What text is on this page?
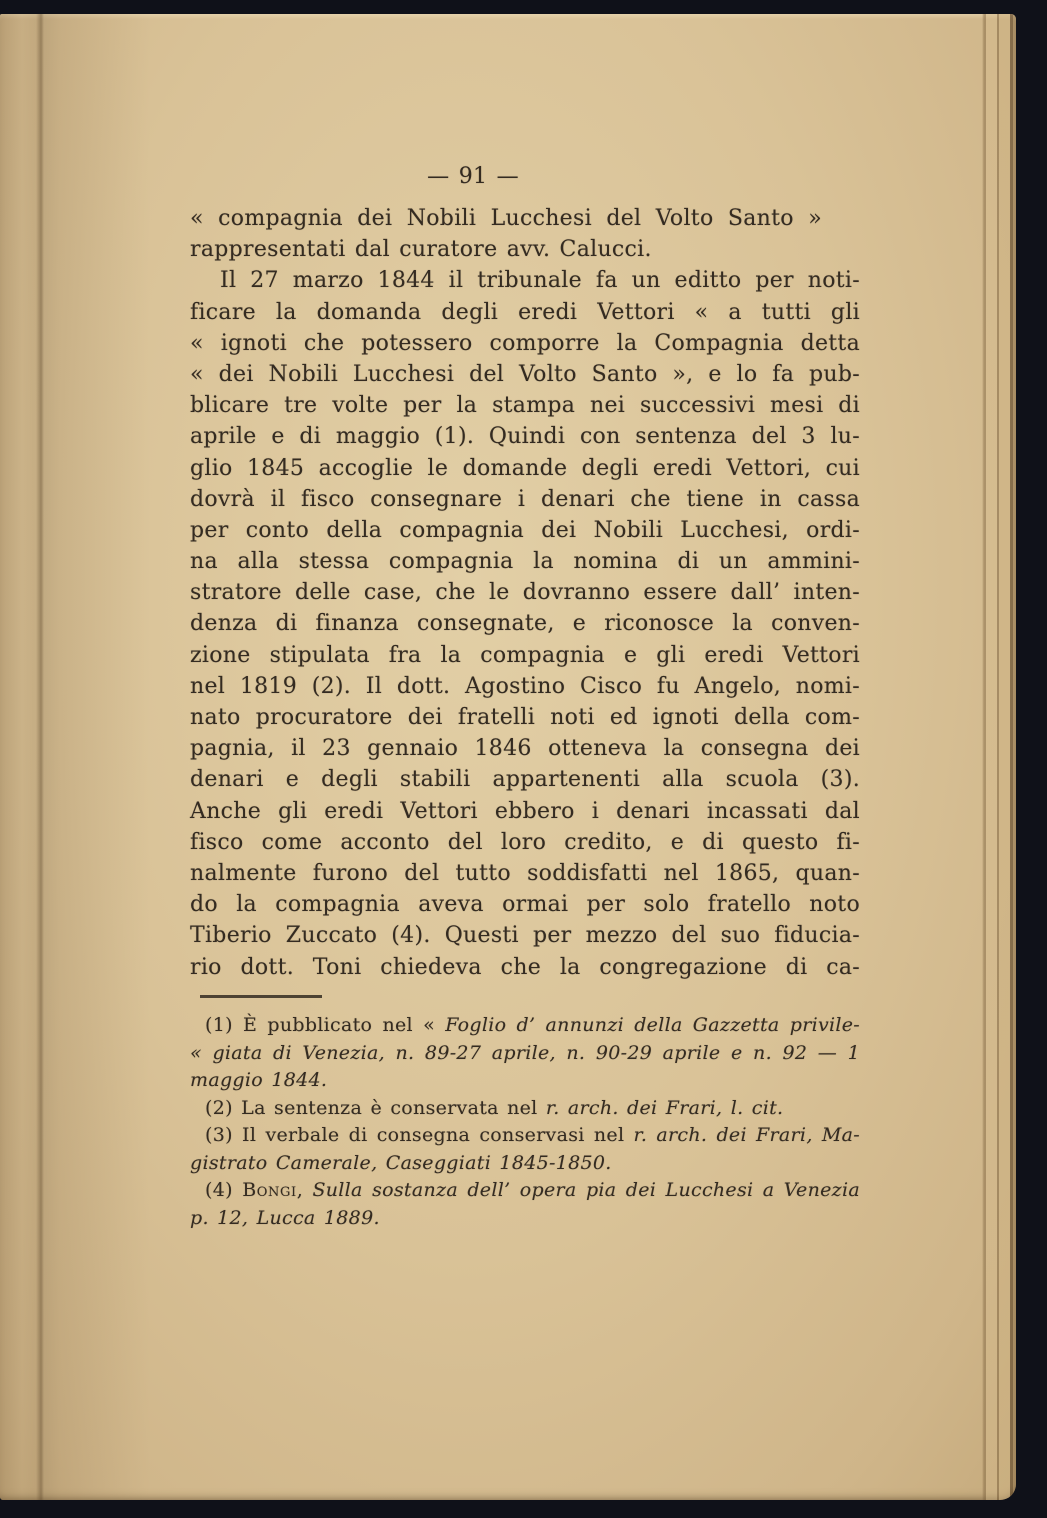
— 91 —
« compagnia dei Nobili Lucchesi del Volto Santo »
rappresentati dal curatore avv. Calucci.
Il 27 marzo 1844 il tribunale fa un editto per noti-
ficare la domanda degli eredi Vettori « a tutti gli
« ignoti che potessero comporre la Compagnia detta
« dei Nobili Lucchesi del Volto Santo », e lo fa pub-
blicare tre volte per la stampa nei successivi mesi di
aprile e di maggio (1). Quindi con sentenza del 3 lu-
glio 1845 accoglie le domande degli eredi Vettori, cui
dovrà il fisco consegnare i denari che tiene in cassa
per conto della compagnia dei Nobili Lucchesi, ordi-
na alla stessa compagnia la nomina di un ammini-
stratore delle case, che le dovranno essere dall’ inten-
denza di finanza consegnate, e riconosce la conven-
zione stipulata fra la compagnia e gli eredi Vettori
nel 1819 (2). Il dott. Agostino Cisco fu Angelo, nomi-
nato procuratore dei fratelli noti ed ignoti della com-
pagnia, il 23 gennaio 1846 otteneva la consegna dei
denari e degli stabili appartenenti alla scuola (3).
Anche gli eredi Vettori ebbero i denari incassati dal
fisco come acconto del loro credito, e di questo fi-
nalmente furono del tutto soddisfatti nel 1865, quan-
do la compagnia aveva ormai per solo fratello noto
Tiberio Zuccato (4). Questi per mezzo del suo fiducia-
rio dott. Toni chiedeva che la congregazione di ca-
(1) È pubblicato nel « Foglio d’ annunzi della Gazzetta privile-
« giata di Venezia, n. 89-27 aprile, n. 90-29 aprile e n. 92 — 1
maggio 1844.
(2) La sentenza è conservata nel r. arch. dei Frari, l. cit.
(3) Il verbale di consegna conservasi nel r. arch. dei Frari, Ma-
gistrato Camerale, Caseggiati 1845-1850.
(4) Bongi, Sulla sostanza dell’ opera pia dei Lucchesi a Venezia
p. 12, Lucca 1889.
